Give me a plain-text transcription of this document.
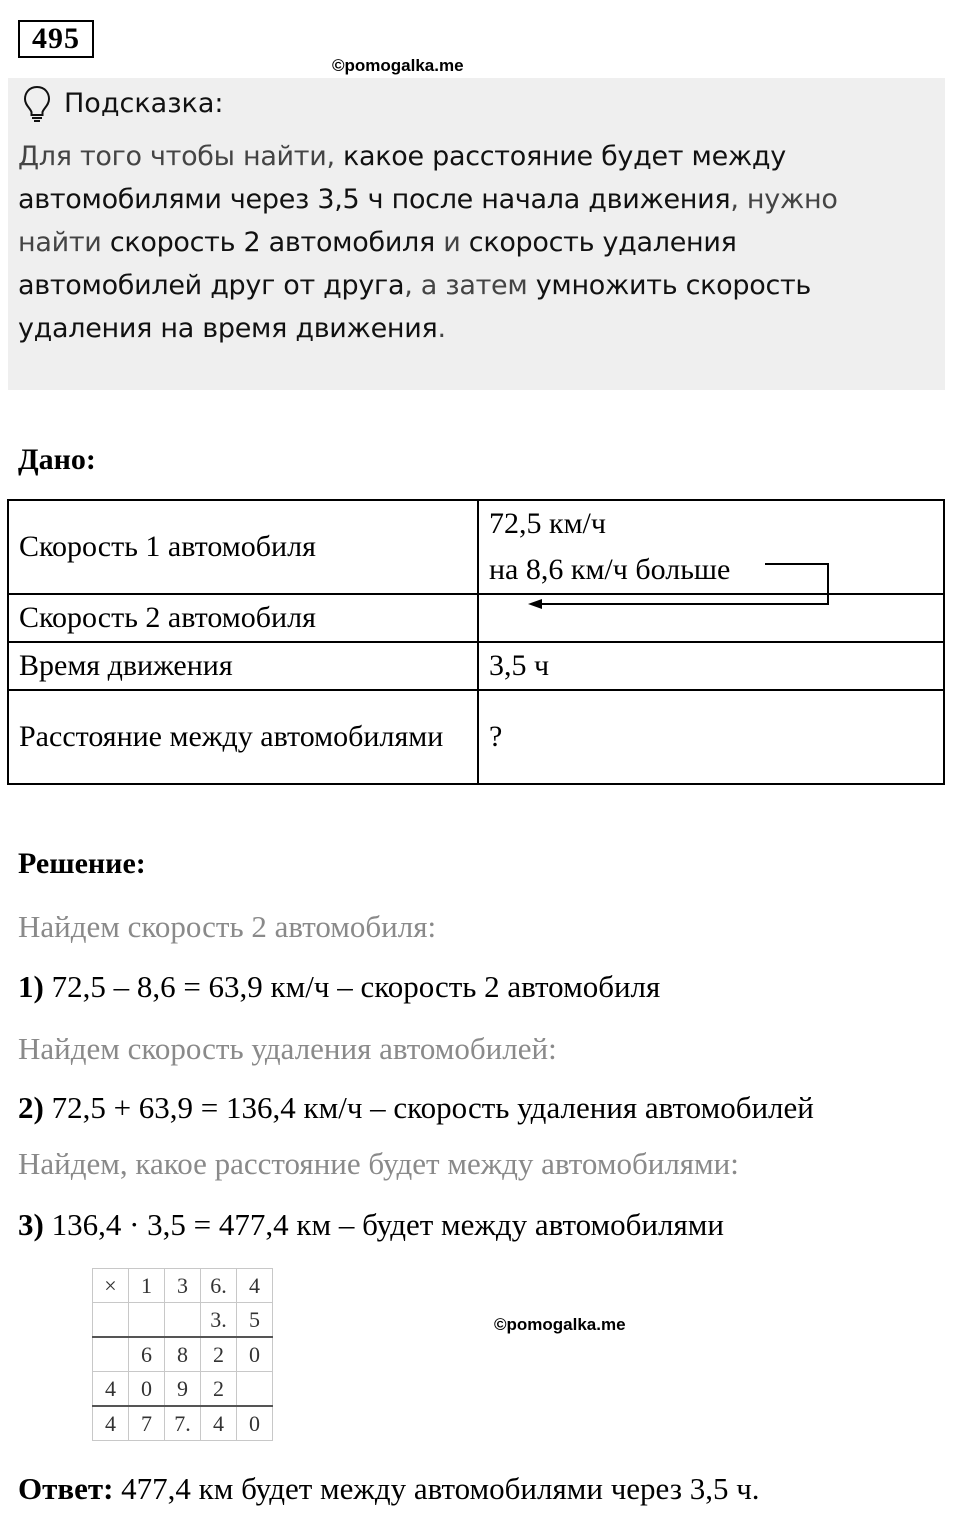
495
©pomogalka.me
Подсказка:
Для того чтобы найти, какое расстояние будет между автомобилями через 3,5 ч после начала движения, нужно найти скорость 2 автомобиля и скорость удаления автомобилей друг от друга, а затем умножить скорость удаления на время движения.
Дано:
Скорость 1 автомобиля	72,5 км/ч
на 8,6 км/ч больше

Скорость 2 автомобиля	
Время движения	3,5 ч
Расстояние между автомобилями	?
Решение:
Найдем скорость 2 автомобиля:
1) 72,5 – 8,6 = 63,9 км/ч – скорость 2 автомобиля
Найдем скорость удаления автомобилей:
2) 72,5 + 63,9 = 136,4 км/ч – скорость удаления автомобилей
Найдем, какое расстояние будет между автомобилями:
3) 136,4 · 3,5 = 477,4 км – будет между автомобилями
×	1	3	6.	4
			3.	5
	6	8	2	0
4	0	9	2	
4	7	7.	4	0
©pomogalka.me
Ответ: 477,4 км будет между автомобилями через 3,5 ч.
